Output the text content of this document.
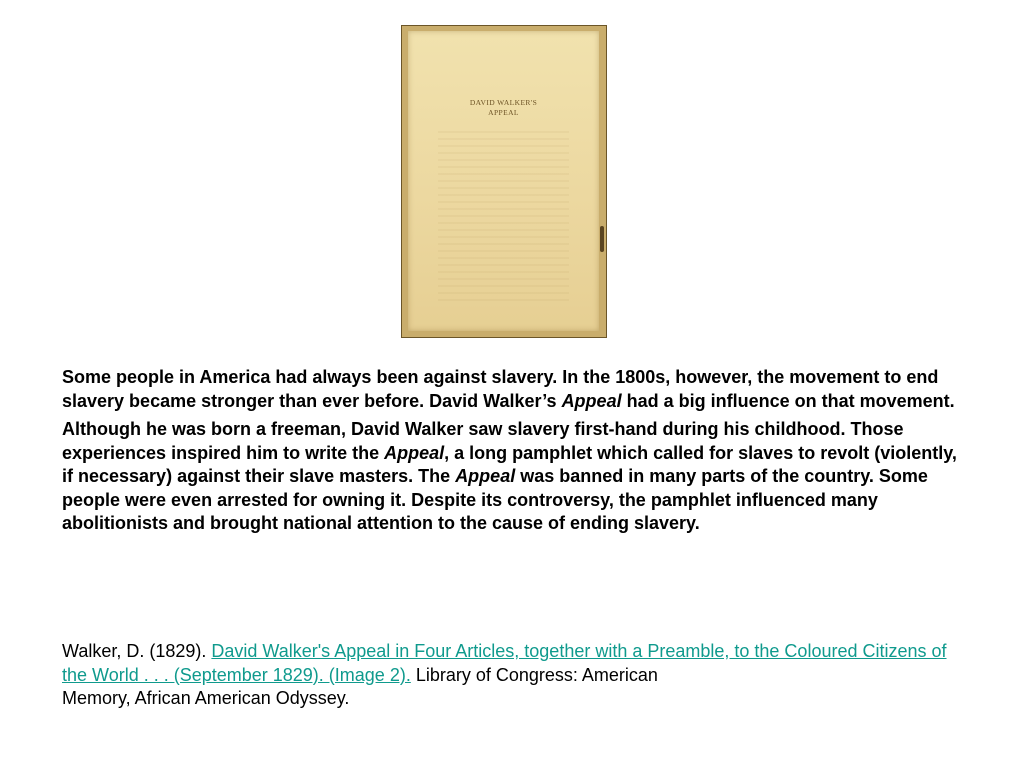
DAVID WALKER'S
APPEAL

Some people in America had always been against slavery. In the 1800s, however, the movement to end slavery became stronger than ever before. David Walker’s Appeal had a big influence on that movement.

Although he was born a freeman, David Walker saw slavery first-hand during his childhood. Those experiences inspired him to write the Appeal, a long pamphlet which called for slaves to revolt (violently, if necessary) against their slave masters. The Appeal was banned in many parts of the country. Some people were even arrested for owning it. Despite its controversy, the pamphlet influenced many abolitionists and brought national attention to the cause of ending slavery.

Walker, D. (1829). David Walker's Appeal in Four Articles, together with a Preamble, to the Coloured Citizens of the World . . . (September 1829). (Image 2). Library of Congress: American
Memory, African American Odyssey.
